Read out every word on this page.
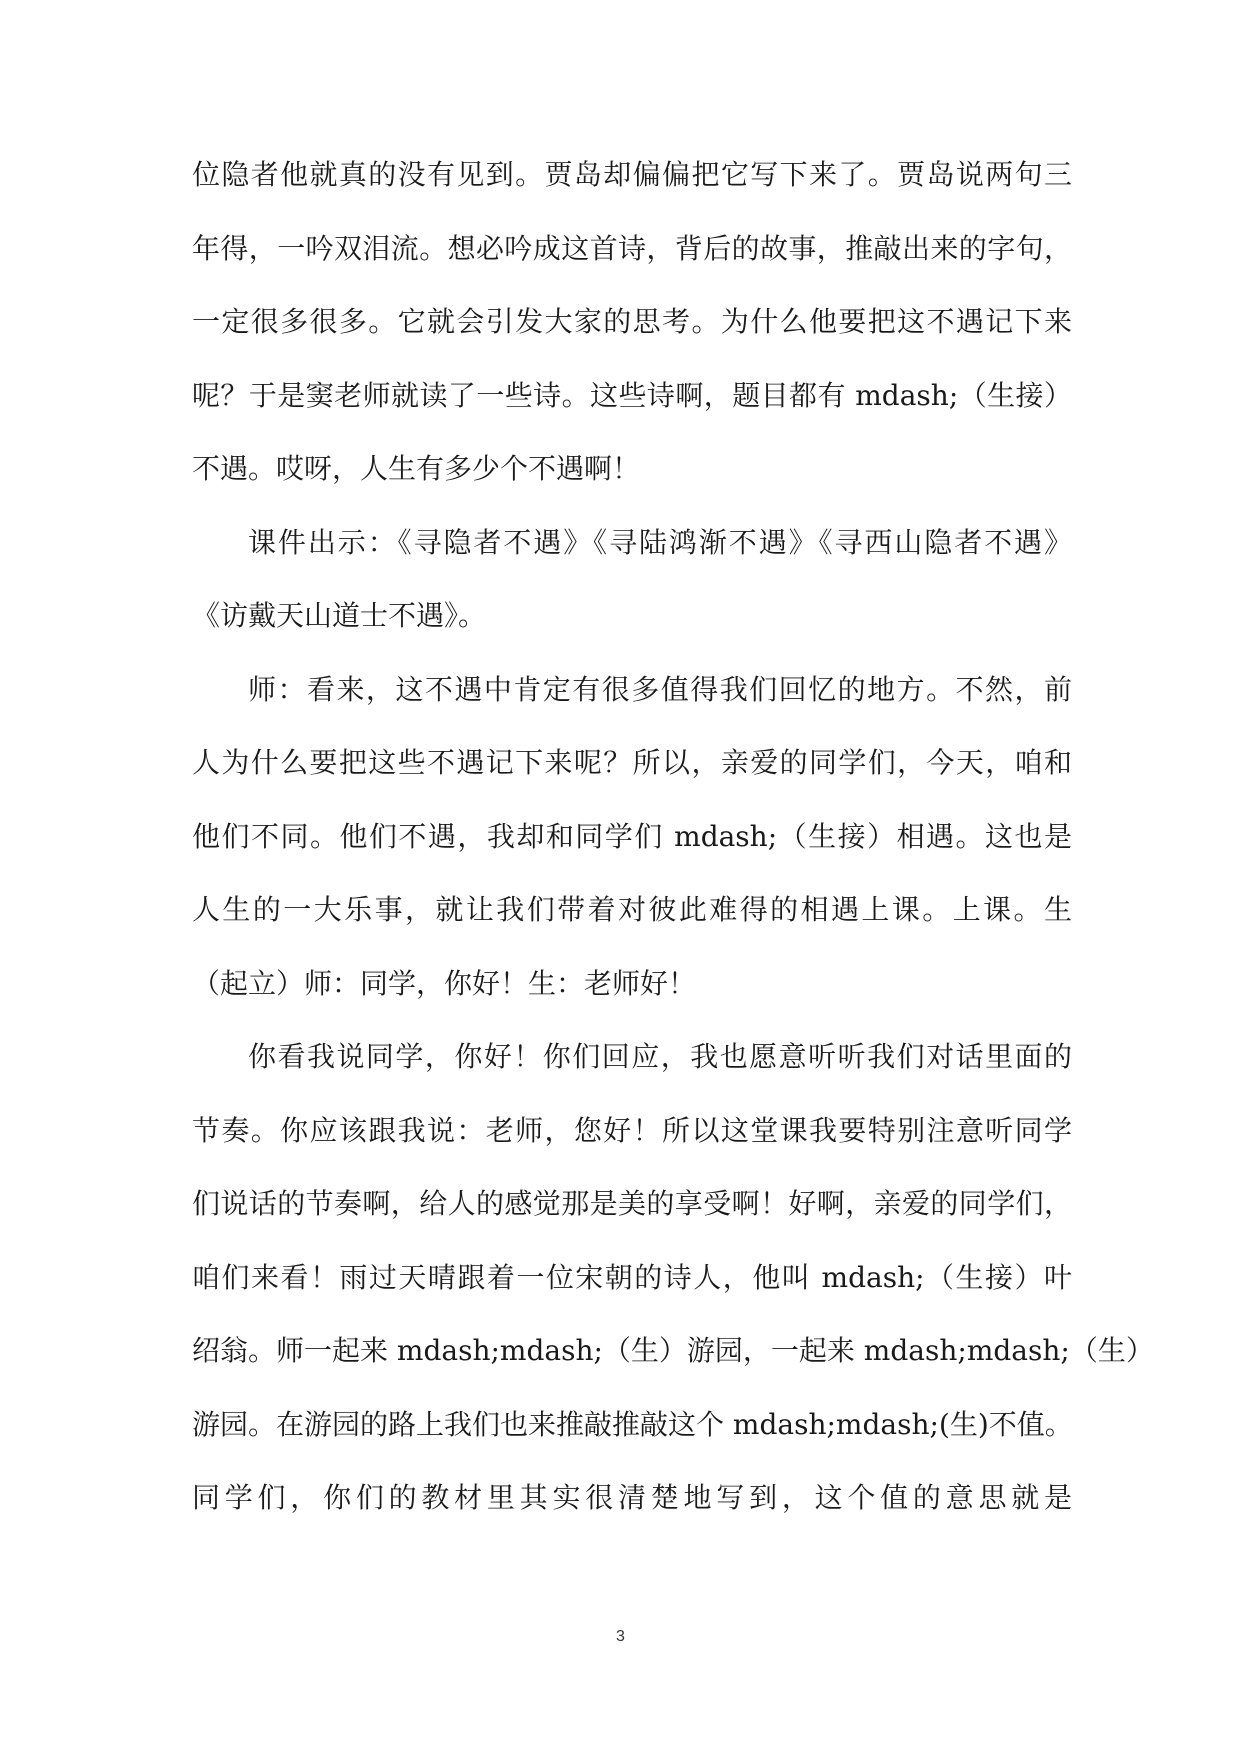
位隐者他就真的没有见到。贾岛却偏偏把它写下来了。贾岛说两句三
年得，一吟双泪流。想必吟成这首诗，背后的故事，推敲出来的字句，
一定很多很多。它就会引发大家的思考。为什么他要把这不遇记下来
呢？于是窦老师就读了一些诗。这些诗啊，题目都有 mdash;（生接）
不遇。哎呀，人生有多少个不遇啊！
课件出示：《寻隐者不遇》《寻陆鸿渐不遇》《寻西山隐者不遇》
《访戴天山道士不遇》。
师：看来，这不遇中肯定有很多值得我们回忆的地方。不然，前
人为什么要把这些不遇记下来呢？所以，亲爱的同学们，今天，咱和
他们不同。他们不遇，我却和同学们 mdash;（生接）相遇。这也是
人生的一大乐事，就让我们带着对彼此难得的相遇上课。上课。生
（起立）师：同学，你好！生：老师好！
你看我说同学，你好！你们回应，我也愿意听听我们对话里面的
节奏。你应该跟我说：老师，您好！所以这堂课我要特别注意听同学
们说话的节奏啊，给人的感觉那是美的享受啊！好啊，亲爱的同学们，
咱们来看！雨过天晴跟着一位宋朝的诗人，他叫 mdash;（生接）叶
绍翁。师一起来 mdash;mdash;（生）游园，一起来 mdash;mdash;（生）
游园。在游园的路上我们也来推敲推敲这个 mdash;mdash;(生)不值。
同学们，你们的教材里其实很清楚地写到，这个值的意思就是
3
